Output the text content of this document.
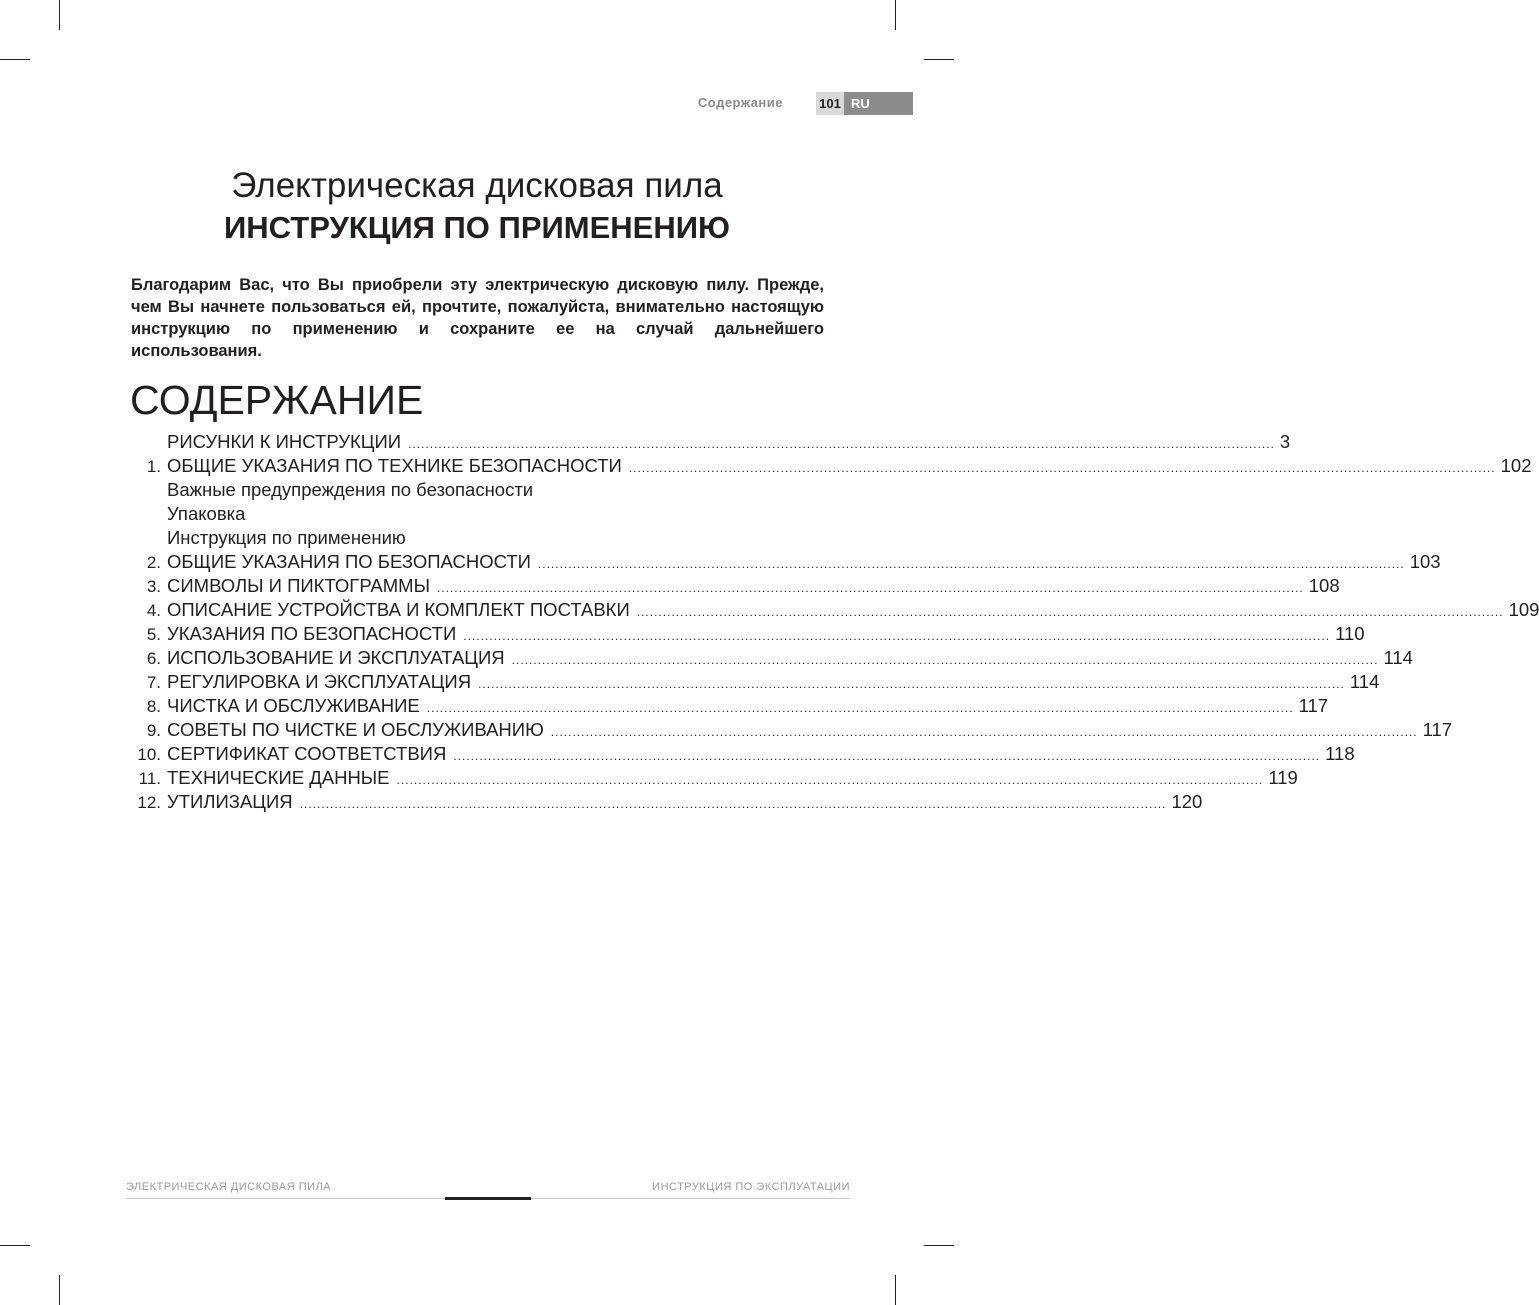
Содержание	101 RU
Электрическая дисковая пила
ИНСТРУКЦИЯ ПО ПРИМЕНЕНИЮ

Благодарим Вас, что Вы приобрели эту электрическую дисковую пилу. Прежде, чем Вы начнете пользоваться ей, прочтите, пожалуйста, внимательно настоящую инструкцию по применению и сохраните ее на случай дальнейшего использования.

СОДЕРЖАНИЕ
РИСУНКИ К ИНСТРУКЦИИ ........................................................................................................................................................................................................ 3
1. ОБЩИЕ УКАЗАНИЯ ПО ТЕХНИКЕ БЕЗОПАСНОСТИ ........................................................................................................................................................................................................ 102
Важные предупреждения по безопасности
Упаковка
Инструкция по применению
2. ОБЩИЕ УКАЗАНИЯ ПО БЕЗОПАСНОСТИ ........................................................................................................................................................................................................ 103
3. СИМВОЛЫ И ПИКТОГРАММЫ ........................................................................................................................................................................................................ 108
4. ОПИСАНИЕ УСТРОЙСТВА И КОМПЛЕКТ ПОСТАВКИ ........................................................................................................................................................................................................ 109
5. УКАЗАНИЯ ПО БЕЗОПАСНОСТИ ........................................................................................................................................................................................................ 110
6. ИСПОЛЬЗОВАНИЕ И ЭКСПЛУАТАЦИЯ ........................................................................................................................................................................................................ 114
7. РЕГУЛИРОВКА И ЭКСПЛУАТАЦИЯ ........................................................................................................................................................................................................ 114
8. ЧИСТКА И ОБСЛУЖИВАНИЕ ........................................................................................................................................................................................................ 117
9. СОВЕТЫ ПО ЧИСТКЕ И ОБСЛУЖИВАНИЮ ........................................................................................................................................................................................................ 117
10. СЕРТИФИКАТ СООТВЕТСТВИЯ ........................................................................................................................................................................................................ 118
11. ТЕХНИЧЕСКИЕ ДАННЫЕ ........................................................................................................................................................................................................ 119
12. УТИЛИЗАЦИЯ ........................................................................................................................................................................................................ 120
ЭЛЕКТРИЧЕСКАЯ ДИСКОВАЯ ПИЛА	ИНСТРУКЦИЯ ПО ЭКСПЛУАТАЦИИ
